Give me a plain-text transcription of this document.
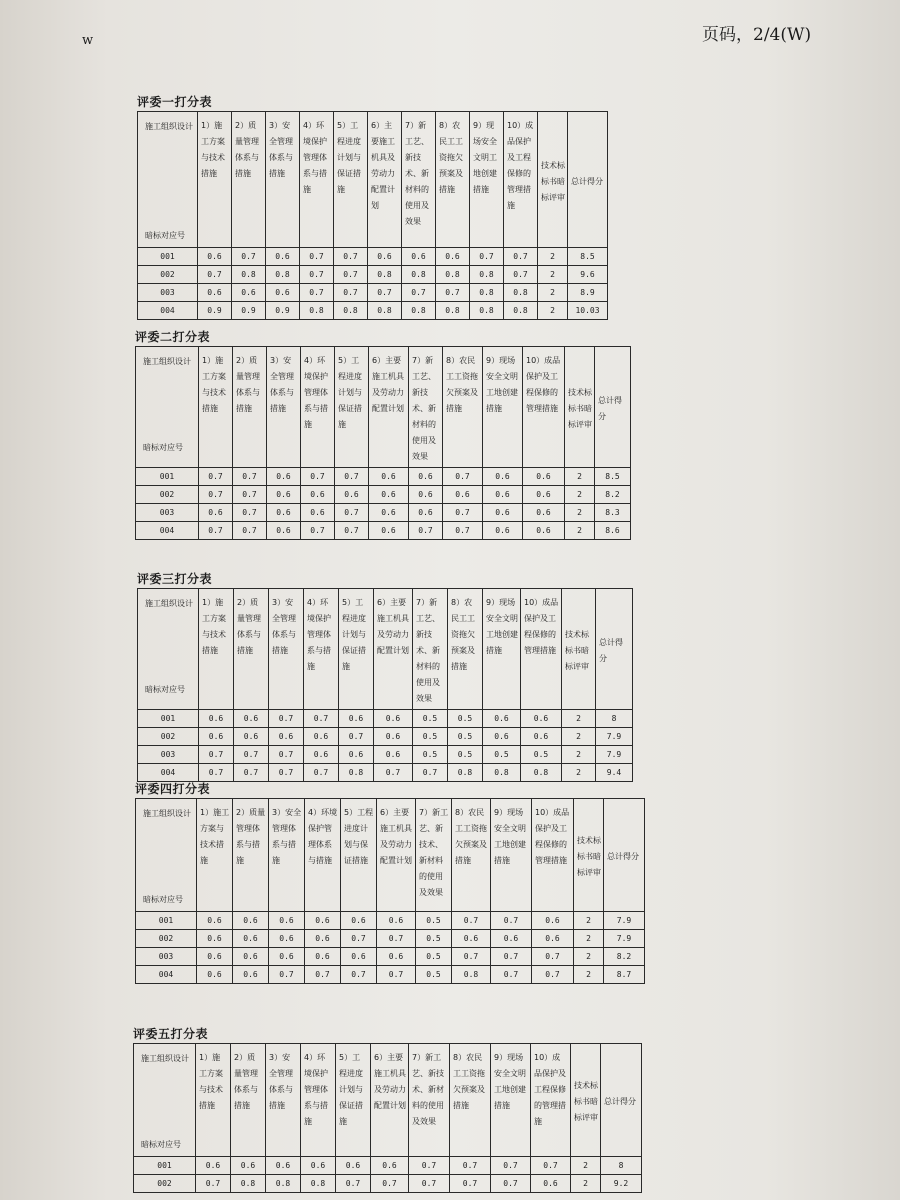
w	页码，2/4(W)
评委一打分表
施工组织设计
暗标对应号	1）施工方案与技术措施	2）质量管理体系与措施	3）安全管理体系与措施	4）环境保护管理体系与措施	5）工程进度计划与保证措施	6）主要施工机具及劳动力配置计划	7）新工艺、新技术、新材料的使用及效果	8）农民工工资拖欠预案及措施	9）现场安全文明工地创建措施	10）成品保护及工程保修的管理措施	技术标标书暗标评审	总计得分

001	0.6	0.7	0.6	0.7	0.7	0.6	0.6	0.6	0.7	0.7	2	8.5
002	0.7	0.8	0.8	0.7	0.7	0.8	0.8	0.8	0.8	0.7	2	9.6
003	0.6	0.6	0.6	0.7	0.7	0.7	0.7	0.7	0.8	0.8	2	8.9
004	0.9	0.9	0.9	0.8	0.8	0.8	0.8	0.8	0.8	0.8	2	10.03
评委二打分表
施工组织设计
暗标对应号	1）施工方案与技术措施	2）质量管理体系与措施	3）安全管理体系与措施	4）环境保护管理体系与措施	5）工程进度计划与保证措施	6）主要施工机具及劳动力配置计划	7）新工艺、新技术、新材料的使用及效果	8）农民工工资拖欠预案及措施	9）现场安全文明工地创建措施	10）成品保护及工程保修的管理措施	技术标标书暗标评审	总计得分

001	0.7	0.7	0.6	0.7	0.7	0.6	0.6	0.7	0.6	0.6	2	8.5
002	0.7	0.7	0.6	0.6	0.6	0.6	0.6	0.6	0.6	0.6	2	8.2
003	0.6	0.7	0.6	0.6	0.7	0.6	0.6	0.7	0.6	0.6	2	8.3
004	0.7	0.7	0.6	0.7	0.7	0.6	0.7	0.7	0.6	0.6	2	8.6
评委三打分表
施工组织设计
暗标对应号	1）施工方案与技术措施	2）质量管理体系与措施	3）安全管理体系与措施	4）环境保护管理体系与措施	5）工程进度计划与保证措施	6）主要施工机具及劳动力配置计划	7）新工艺、新技术、新材料的使用及效果	8）农民工工资拖欠预案及措施	9）现场安全文明工地创建措施	10）成品保护及工程保修的管理措施	技术标标书暗标评审	总计得分

001	0.6	0.6	0.7	0.7	0.6	0.6	0.5	0.5	0.6	0.6	2	8
002	0.6	0.6	0.6	0.6	0.7	0.6	0.5	0.5	0.6	0.6	2	7.9
003	0.7	0.7	0.7	0.6	0.6	0.6	0.5	0.5	0.5	0.5	2	7.9
004	0.7	0.7	0.7	0.7	0.8	0.7	0.7	0.8	0.8	0.8	2	9.4
评委四打分表
施工组织设计
暗标对应号	1）施工方案与技术措施	2）质量管理体系与措施	3）安全管理体系与措施	4）环境保护管理体系与措施	5）工程进度计划与保证措施	6）主要施工机具及劳动力配置计划	7）新工艺、新技术、新材料的使用及效果	8）农民工工资拖欠预案及措施	9）现场安全文明工地创建措施	10）成品保护及工程保修的管理措施	技术标标书暗标评审	总计得分

001	0.6	0.6	0.6	0.6	0.6	0.6	0.5	0.7	0.7	0.6	2	7.9
002	0.6	0.6	0.6	0.6	0.7	0.7	0.5	0.6	0.6	0.6	2	7.9
003	0.6	0.6	0.6	0.6	0.6	0.6	0.5	0.7	0.7	0.7	2	8.2
004	0.6	0.6	0.7	0.7	0.7	0.7	0.5	0.8	0.7	0.7	2	8.7
评委五打分表
施工组织设计
暗标对应号	1）施工方案与技术措施	2）质量管理体系与措施	3）安全管理体系与措施	4）环境保护管理体系与措施	5）工程进度计划与保证措施	6）主要施工机具及劳动力配置计划	7）新工艺、新技术、新材料的使用及效果	8）农民工工资拖欠预案及措施	9）现场安全文明工地创建措施	10）成品保护及工程保修的管理措施	技术标标书暗标评审	总计得分

001	0.6	0.6	0.6	0.6	0.6	0.6	0.7	0.7	0.7	0.7	2	8
002	0.7	0.8	0.8	0.8	0.7	0.7	0.7	0.7	0.7	0.6	2	9.2
